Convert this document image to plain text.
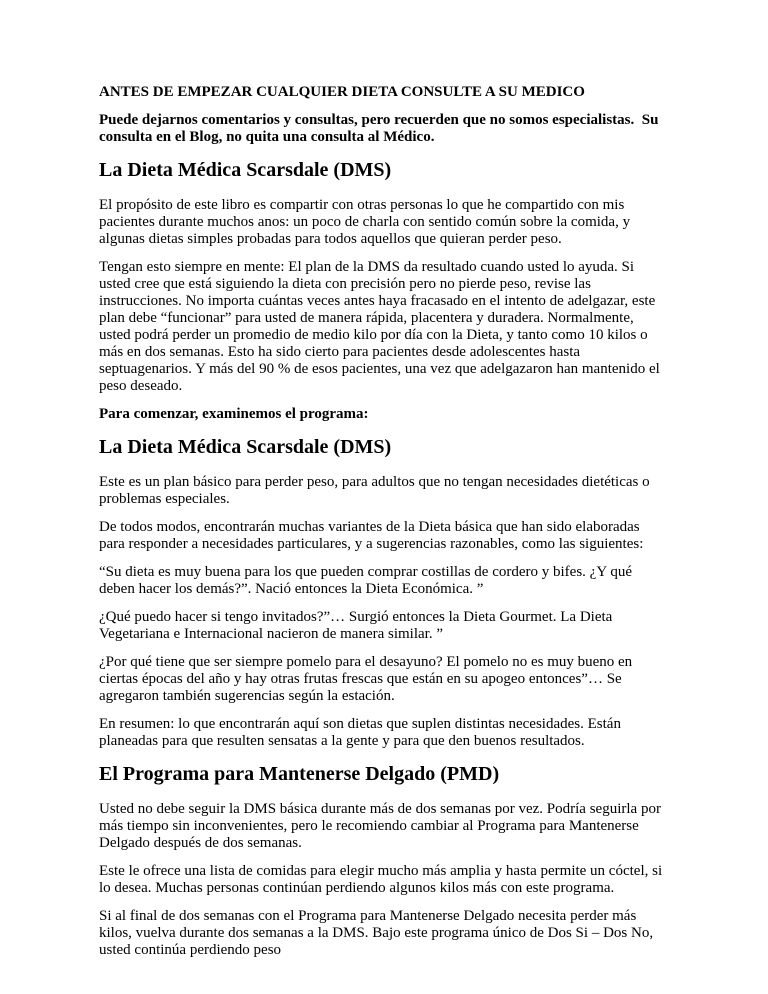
ANTES DE EMPEZAR CUALQUIER DIETA CONSULTE A SU MEDICO

Puede dejarnos comentarios y consultas, pero recuerden que no somos especialistas.  Su consulta en el Blog, no quita una consulta al Médico.

La Dieta Médica Scarsdale (DMS)

El propósito de este libro es compartir con otras personas lo que he compartido con mis pacientes durante muchos anos: un poco de charla con sentido común sobre la comida, y algunas dietas simples probadas para todos aquellos que quieran perder peso.

Tengan esto siempre en mente: El plan de la DMS da resultado cuando usted lo ayuda. Si usted cree que está siguiendo la dieta con precisión pero no pierde peso, revise las instrucciones. No importa cuántas veces antes haya fracasado en el intento de adelgazar, este plan debe “funcionar” para usted de manera rápida, placentera y duradera. Normalmente, usted podrá perder un promedio de medio kilo por día con la Dieta, y tanto como 10 kilos o más en dos semanas. Esto ha sido cierto para pacientes desde adolescentes hasta septuagenarios. Y más del 90 % de esos pacientes, una vez que adelgazaron han mantenido el peso deseado.

Para comenzar, examinemos el programa:

La Dieta Médica Scarsdale (DMS)

Este es un plan básico para perder peso, para adultos que no tengan necesidades dietéticas o problemas especiales.

De todos modos, encontrarán muchas variantes de la Dieta básica que han sido elaboradas para responder a necesidades particulares, y a sugerencias razonables, como las siguientes:

“Su dieta es muy buena para los que pueden comprar costillas de cordero y bifes. ¿Y qué deben hacer los demás?”. Nació entonces la Dieta Económica. ”

¿Qué puedo hacer si tengo invitados?”… Surgió entonces la Dieta Gourmet. La Dieta Vegetariana e Internacional nacieron de manera similar. ”

¿Por qué tiene que ser siempre pomelo para el desayuno? El pomelo no es muy bueno en ciertas épocas del año y hay otras frutas frescas que están en su apogeo entonces”… Se agregaron también sugerencias según la estación.

En resumen: lo que encontrarán aquí son dietas que suplen distintas necesidades. Están planeadas para que resulten sensatas a la gente y para que den buenos resultados.

El Programa para Mantenerse Delgado (PMD)

Usted no debe seguir la DMS básica durante más de dos semanas por vez. Podría seguirla por más tiempo sin inconvenientes, pero le recomiendo cambiar al Programa para Mantenerse Delgado después de dos semanas.

Este le ofrece una lista de comidas para elegir mucho más amplia y hasta permite un cóctel, si lo desea. Muchas personas continúan perdiendo algunos kilos más con este programa.

Si al final de dos semanas con el Programa para Mantenerse Delgado necesita perder más kilos, vuelva durante dos semanas a la DMS. Bajo este programa único de Dos Si – Dos No, usted continúa perdiendo peso
